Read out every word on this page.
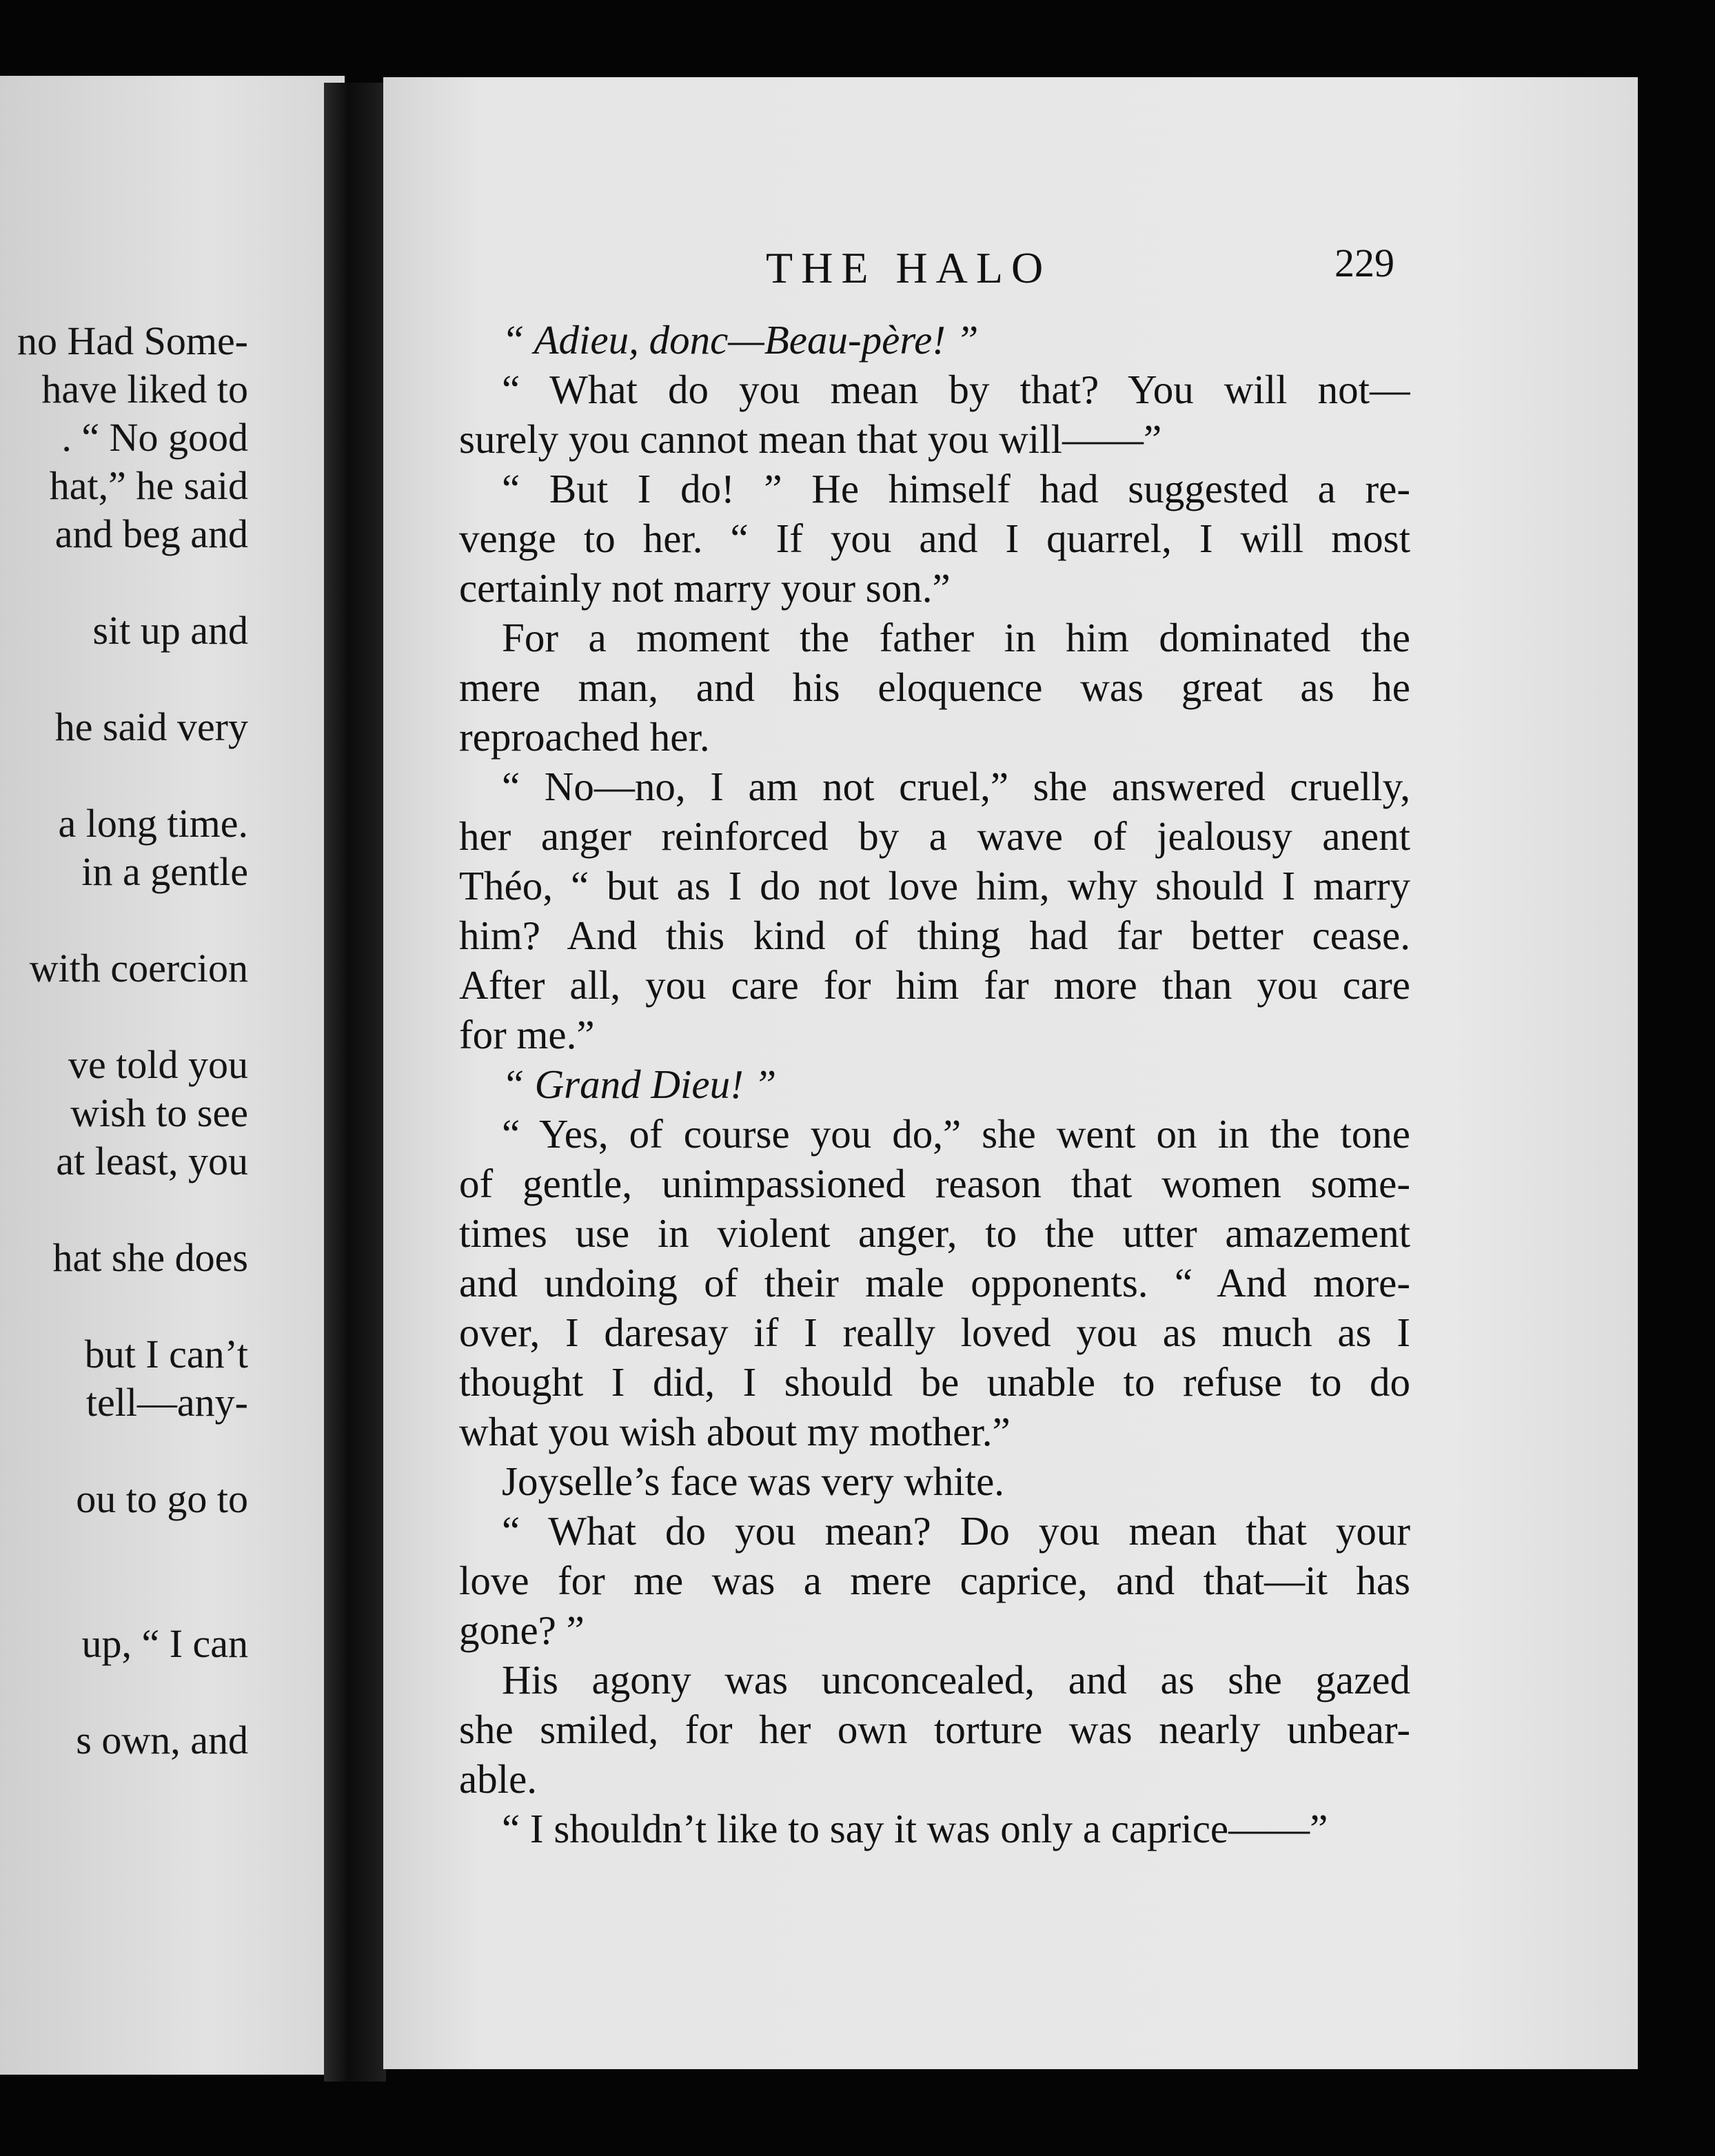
no Had Some-
have liked to
. “ No good
hat,” he said
and beg and
sit up and
he said very
a long time.
in a gentle
with coercion
ve told you
wish to see
at least, you
hat she does
but I can’t
tell—any-
ou to go to
up, “ I can
s own, and
THE HALO	229
“ Adieu, donc—Beau-père! ”
“ What do you mean by that? You will not—
surely you cannot mean that you will——”
“ But I do! ” He himself had suggested a re-
venge to her. “ If you and I quarrel, I will most
certainly not marry your son.”
For a moment the father in him dominated the
mere man, and his eloquence was great as he
reproached her.
“ No—no, I am not cruel,” she answered cruelly,
her anger reinforced by a wave of jealousy anent
Théo, “ but as I do not love him, why should I marry
him? And this kind of thing had far better cease.
After all, you care for him far more than you care
for me.”
“ Grand Dieu! ”
“ Yes, of course you do,” she went on in the tone
of gentle, unimpassioned reason that women some-
times use in violent anger, to the utter amazement
and undoing of their male opponents. “ And more-
over, I daresay if I really loved you as much as I
thought I did, I should be unable to refuse to do
what you wish about my mother.”
Joyselle’s face was very white.
“ What do you mean? Do you mean that your
love for me was a mere caprice, and that—it has
gone? ”
His agony was unconcealed, and as she gazed
she smiled, for her own torture was nearly unbear-
able.
“ I shouldn’t like to say it was only a caprice——”
